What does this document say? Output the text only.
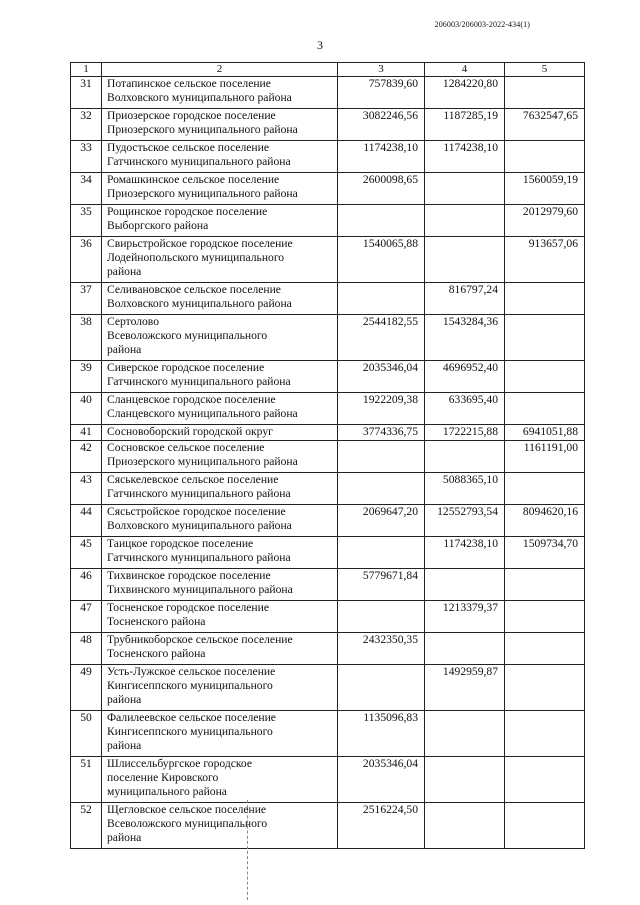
206003/206003-2022-434(1)
3
1	2	3	4	5
31	Потапинское сельское поселение
Волховского муниципального района	757839,60	1284220,80	
32	Приозерское городское поселение
Приозерского муниципального района	3082246,56	1187285,19	7632547,65
33	Пудостьское сельское поселение
Гатчинского муниципального района	1174238,10	1174238,10	
34	Ромашкинское сельское поселение
Приозерского муниципального района	2600098,65		1560059,19
35	Рощинское городское поселение
Выборгского района			2012979,60
36	Свирьстройское городское поселение
Лодейнопольского муниципального
района	1540065,88		913657,06
37	Селивановское сельское поселение
Волховского муниципального района		816797,24	
38	Сертолово
Всеволожского муниципального
района	2544182,55	1543284,36	
39	Сиверское городское поселение
Гатчинского муниципального района	2035346,04	4696952,40	
40	Сланцевское городское поселение
Сланцевского муниципального района	1922209,38	633695,40	
41	Сосновоборский городской округ	3774336,75	1722215,88	6941051,88
42	Сосновское сельское поселение
Приозерского муниципального района			1161191,00
43	Сяськелевское сельское поселение
Гатчинского муниципального района		5088365,10	
44	Сясьстройское городское поселение
Волховского муниципального района	2069647,20	12552793,54	8094620,16
45	Таицкое городское поселение
Гатчинского муниципального района		1174238,10	1509734,70
46	Тихвинское городское поселение
Тихвинского муниципального района	5779671,84		
47	Тосненское городское поселение
Тосненского района		1213379,37	
48	Трубникоборское сельское поселение
Тосненского района	2432350,35		
49	Усть-Лужское сельское поселение
Кингисеппского муниципального
района		1492959,87	
50	Фалилеевское сельское поселение
Кингисеппского муниципального
района	1135096,83		
51	Шлиссельбургское городское
поселение Кировского
муниципального района	2035346,04		
52	Щегловское сельское поселение
Всеволожского муниципального
района	2516224,50		
